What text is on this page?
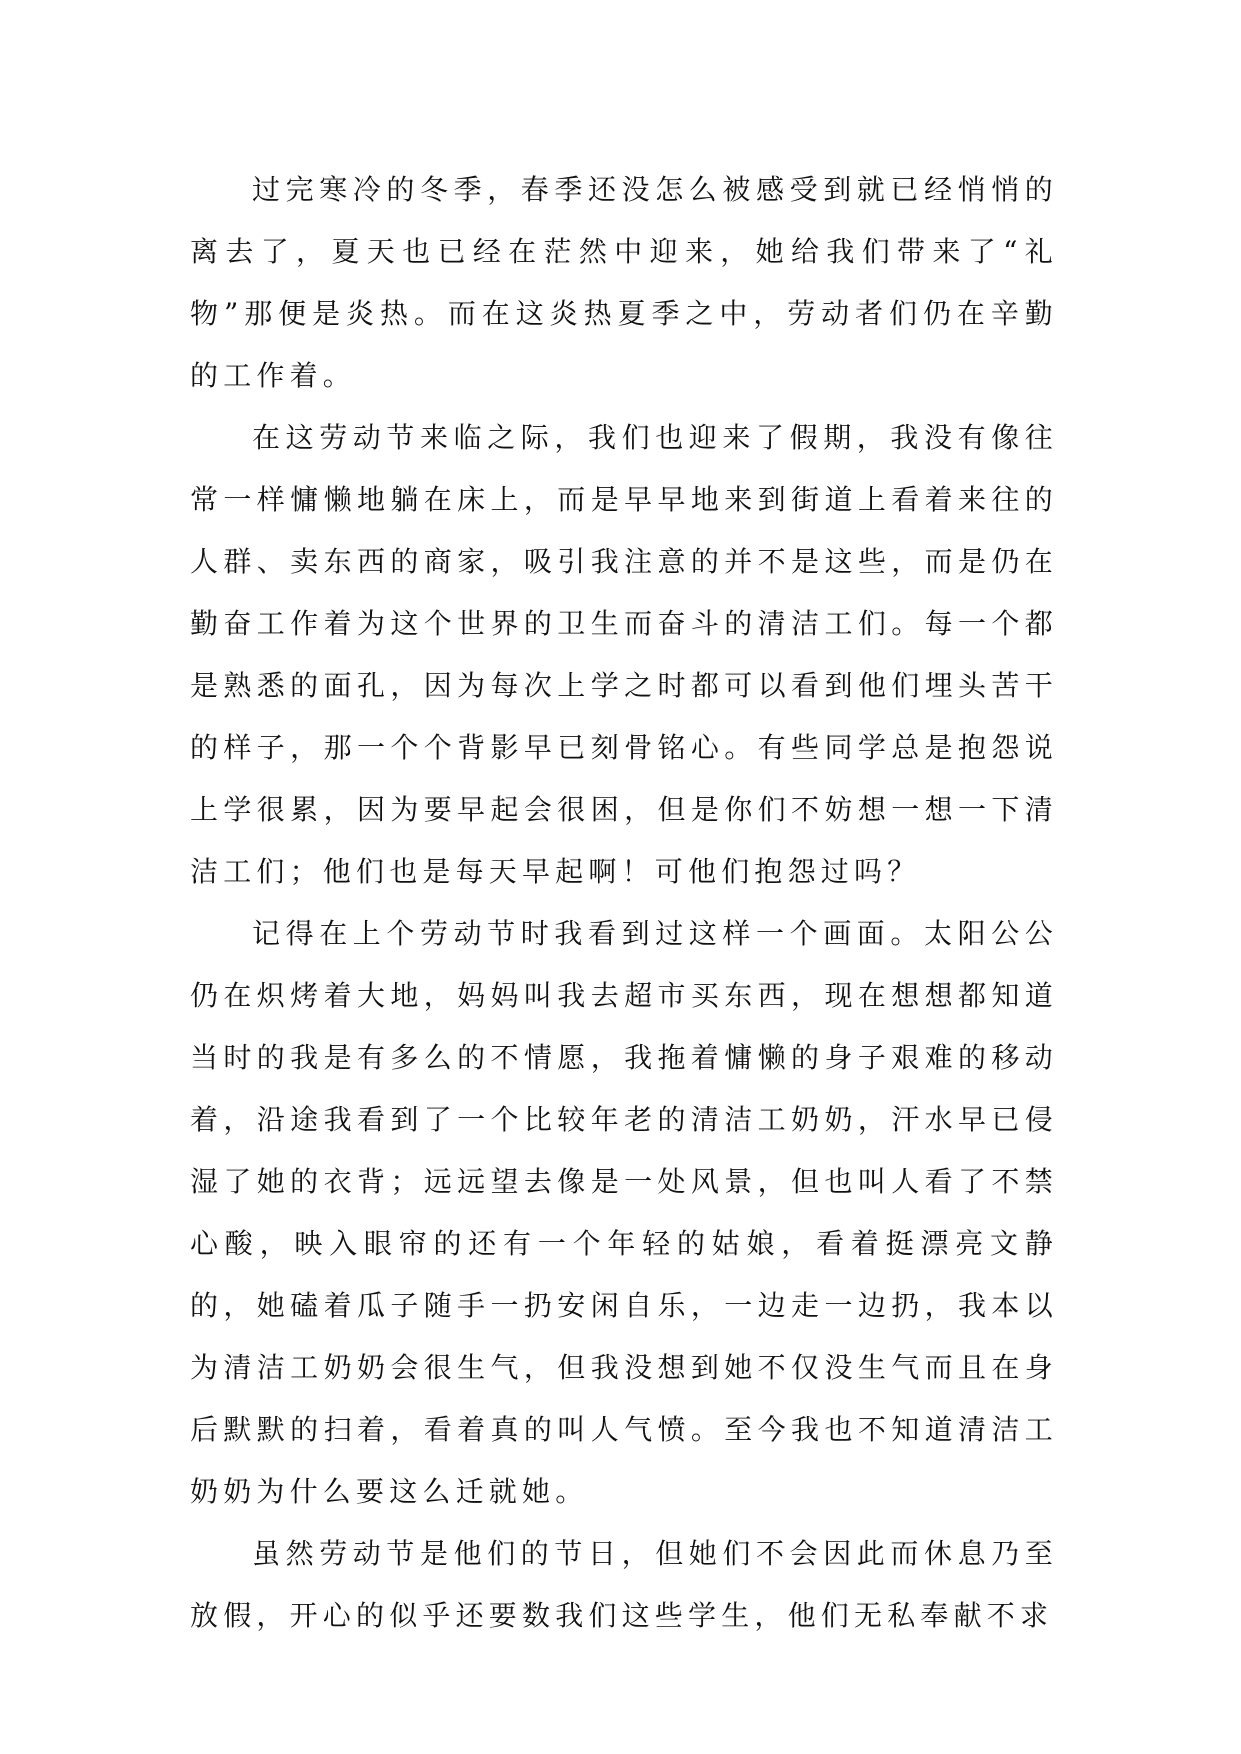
过完寒冷的冬季，春季还没怎么被感受到就已经悄悄的离去了，夏天也已经在茫然中迎来，她给我们带来了“礼物”那便是炎热。而在这炎热夏季之中，劳动者们仍在辛勤的工作着。

在这劳动节来临之际，我们也迎来了假期，我没有像往常一样慵懒地躺在床上，而是早早地来到街道上看着来往的人群、卖东西的商家，吸引我注意的并不是这些，而是仍在勤奋工作着为这个世界的卫生而奋斗的清洁工们。每一个都是熟悉的面孔，因为每次上学之时都可以看到他们埋头苦干的样子，那一个个背影早已刻骨铭心。有些同学总是抱怨说上学很累，因为要早起会很困，但是你们不妨想一想一下清洁工们；他们也是每天早起啊！可他们抱怨过吗？

记得在上个劳动节时我看到过这样一个画面。太阳公公仍在炽烤着大地，妈妈叫我去超市买东西，现在想想都知道当时的我是有多么的不情愿，我拖着慵懒的身子艰难的移动着，沿途我看到了一个比较年老的清洁工奶奶，汗水早已侵湿了她的衣背；远远望去像是一处风景，但也叫人看了不禁心酸，映入眼帘的还有一个年轻的姑娘，看着挺漂亮文静的，她磕着瓜子随手一扔安闲自乐，一边走一边扔，我本以为清洁工奶奶会很生气，但我没想到她不仅没生气而且在身后默默的扫着，看着真的叫人气愤。至今我也不知道清洁工奶奶为什么要这么迁就她。

虽然劳动节是他们的节日，但她们不会因此而休息乃至放假，开心的似乎还要数我们这些学生，他们无私奉献不求
